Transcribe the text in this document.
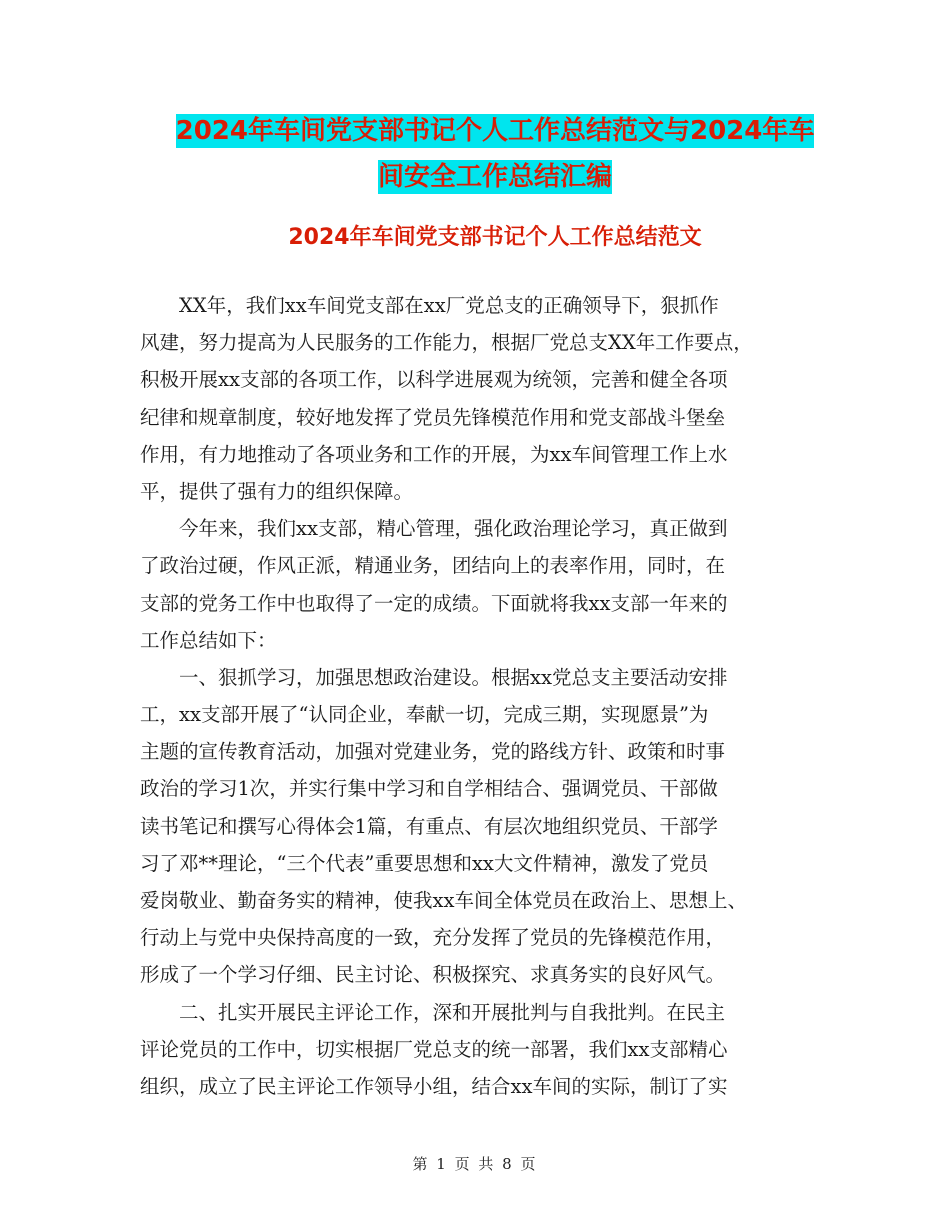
2024年车间党支部书记个人工作总结范文与2024年车
间安全工作总结汇编
2024年车间党支部书记个人工作总结范文
　　XX年，我们xx车间党支部在xx厂党总支的正确领导下，狠抓作
风建，努力提高为人民服务的工作能力，根据厂党总支XX年工作要点，
积极开展xx支部的各项工作，以科学进展观为统领，完善和健全各项
纪律和规章制度，较好地发挥了党员先锋模范作用和党支部战斗堡垒
作用，有力地推动了各项业务和工作的开展，为xx车间管理工作上水
平，提供了强有力的组织保障。
　　今年来，我们xx支部，精心管理，强化政治理论学习，真正做到
了政治过硬，作风正派，精通业务，团结向上的表率作用，同时，在
支部的党务工作中也取得了一定的成绩。下面就将我xx支部一年来的
工作总结如下：
　　一、狠抓学习，加强思想政治建设。根据xx党总支主要活动安排
工，xx支部开展了“认同企业，奉献一切，完成三期，实现愿景”为
主题的宣传教育活动，加强对党建业务，党的路线方针、政策和时事
政治的学习1次，并实行集中学习和自学相结合、强调党员、干部做
读书笔记和撰写心得体会1篇，有重点、有层次地组织党员、干部学
习了邓**理论，“三个代表”重要思想和xx大文件精神，激发了党员
爱岗敬业、勤奋务实的精神，使我xx车间全体党员在政治上、思想上、
行动上与党中央保持高度的一致，充分发挥了党员的先锋模范作用，
形成了一个学习仔细、民主讨论、积极探究、求真务实的良好风气。
　　二、扎实开展民主评论工作，深和开展批判与自我批判。在民主
评论党员的工作中，切实根据厂党总支的统一部署，我们xx支部精心
组织，成立了民主评论工作领导小组，结合xx车间的实际，制订了实
第 1 页 共 8 页
